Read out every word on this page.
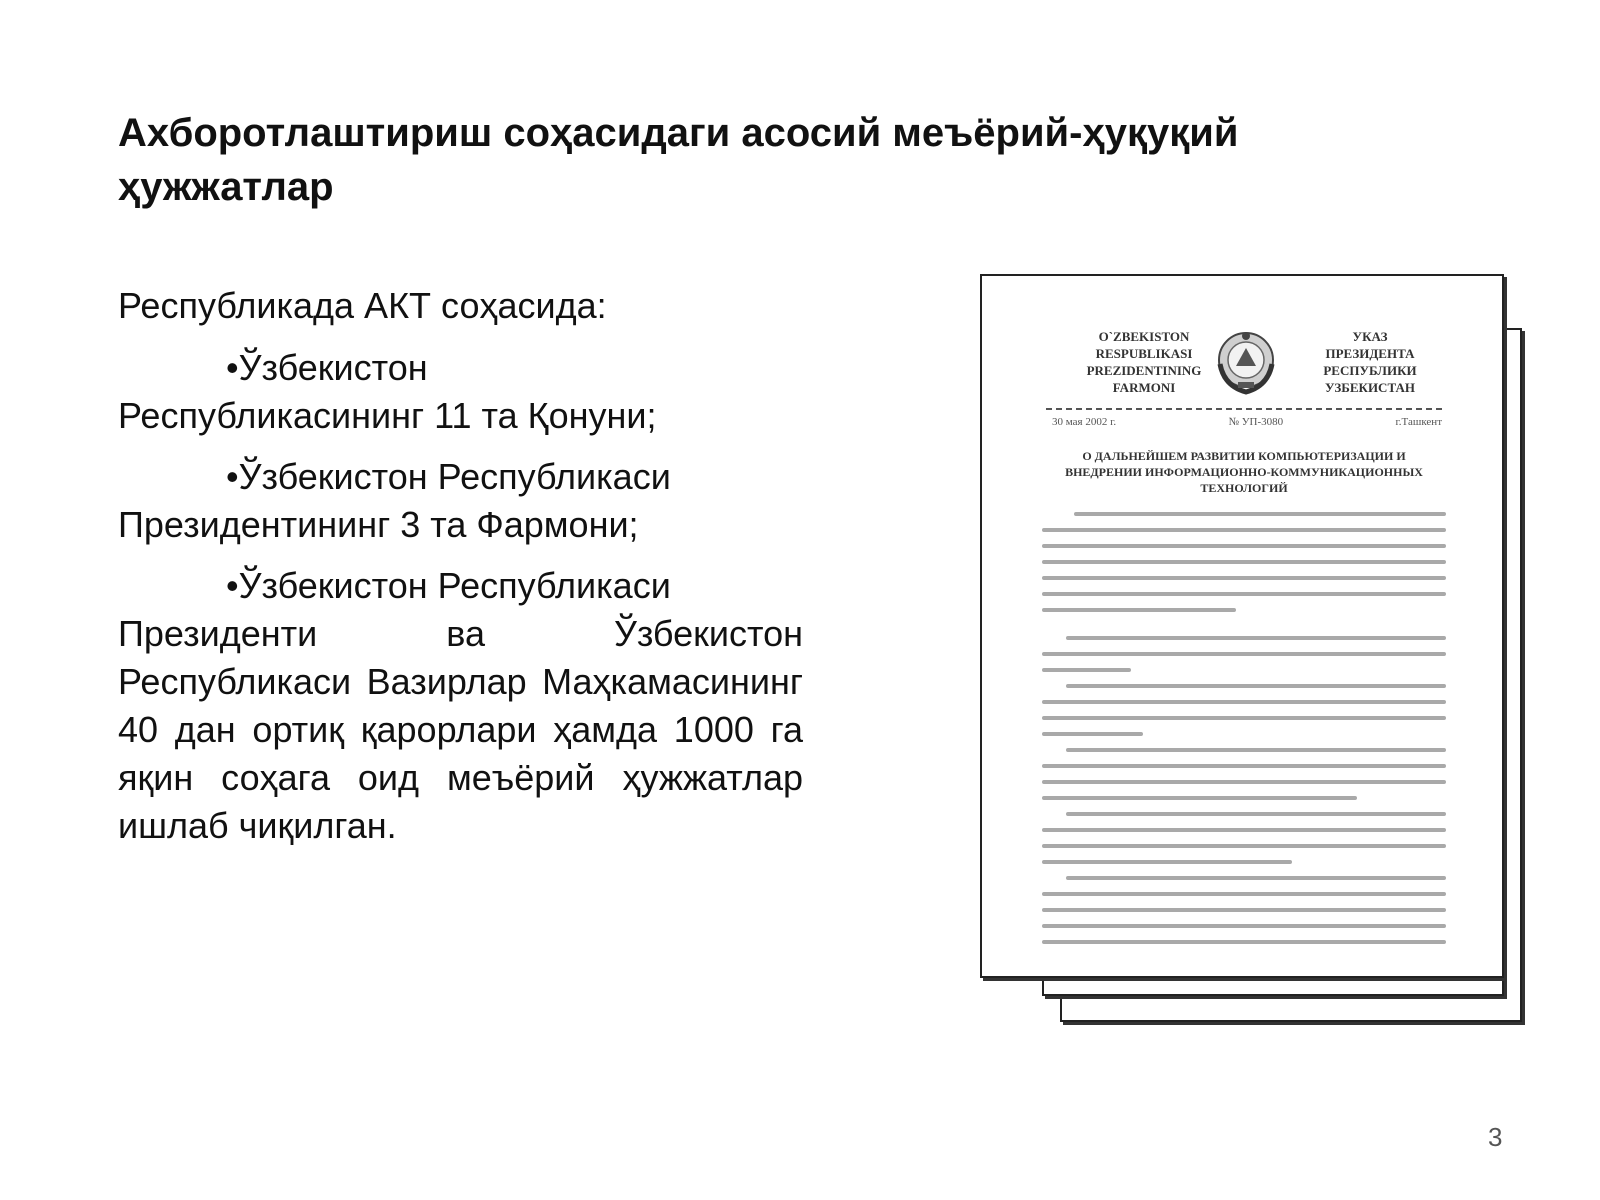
Ахборотлаштириш соҳасидаги асосий меъёрий-ҳуқуқий ҳужжатлар

Республикада АКТ соҳасида:

•Ўзбекистон
Республикасининг 11 та Қонуни;

•Ўзбекистон Республикаси
Президентининг 3 та Фармони;

•Ўзбекистон Республикаси
Президенти ва Ўзбекистон Республикаси Вазирлар Маҳкамасининг 40 дан ортиқ қарорлари ҳамда 1000 га яқин соҳага оид меъёрий ҳужжатлар ишлаб чиқилган.

O`ZBEKISTON
RESPUBLIKASI
PREZIDENTINING
FARMONI
УКАЗ
ПРЕЗИДЕНТА
РЕСПУБЛИКИ
УЗБЕКИСТАН
30 мая 2002 г.	№ УП-3080	г.Ташкент
О ДАЛЬНЕЙШЕМ РАЗВИТИИ КОМПЬЮТЕРИЗАЦИИ И ВНЕДРЕНИИ ИНФОРМАЦИОННО-КОММУНИКАЦИОННЫХ ТЕХНОЛОГИЙ
3
